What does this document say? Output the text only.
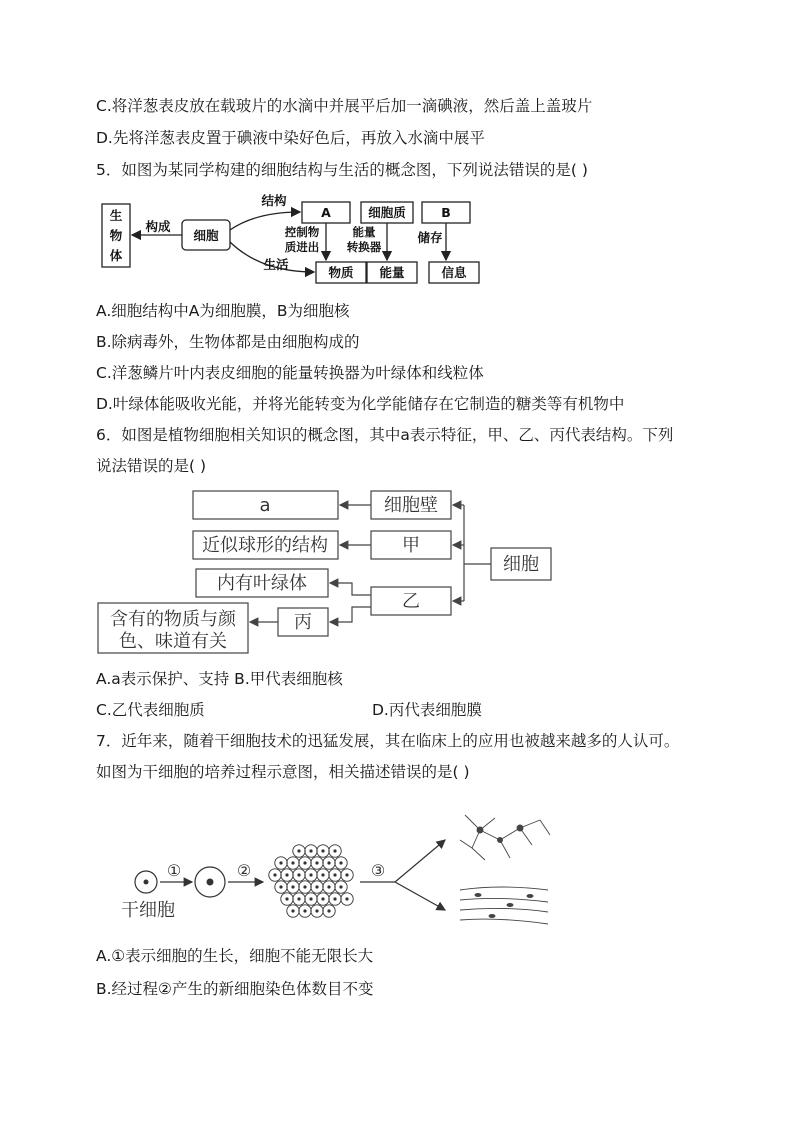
C.将洋葱表皮放在载玻片的水滴中并展平后加一滴碘液，然后盖上盖玻片
D.先将洋葱表皮置于碘液中染好色后，再放入水滴中展平
5．如图为某同学构建的细胞结构与生活的概念图，下列说法错误的是( )
生
物
体
构成
细胞
结构
生活
A	细胞质	B
控制物
质进出
能量
转换器
储存
物质 能量	信息
A.细胞结构中A为细胞膜，B为细胞核
B.除病毒外，生物体都是由细胞构成的
C.洋葱鳞片叶内表皮细胞的能量转换器为叶绿体和线粒体
D.叶绿体能吸收光能，并将光能转变为化学能储存在它制造的糖类等有机物中
6．如图是植物细胞相关知识的概念图，其中a表示特征，甲、乙、丙代表结构。下列
说法错误的是( )
a
近似球形的结构
内有叶绿体
含有的物质与颜
色、味道有关
细胞壁
甲
乙
丙
细胞
A.a表示保护、支持 B.甲代表细胞核
C.乙代表细胞质	D.丙代表细胞膜
7．近年来，随着干细胞技术的迅猛发展，其在临床上的应用也被越来越多的人认可。
如图为干细胞的培养过程示意图，相关描述错误的是( )
①	②	③
干细胞
A.①表示细胞的生长，细胞不能无限长大
B.经过程②产生的新细胞染色体数目不变
